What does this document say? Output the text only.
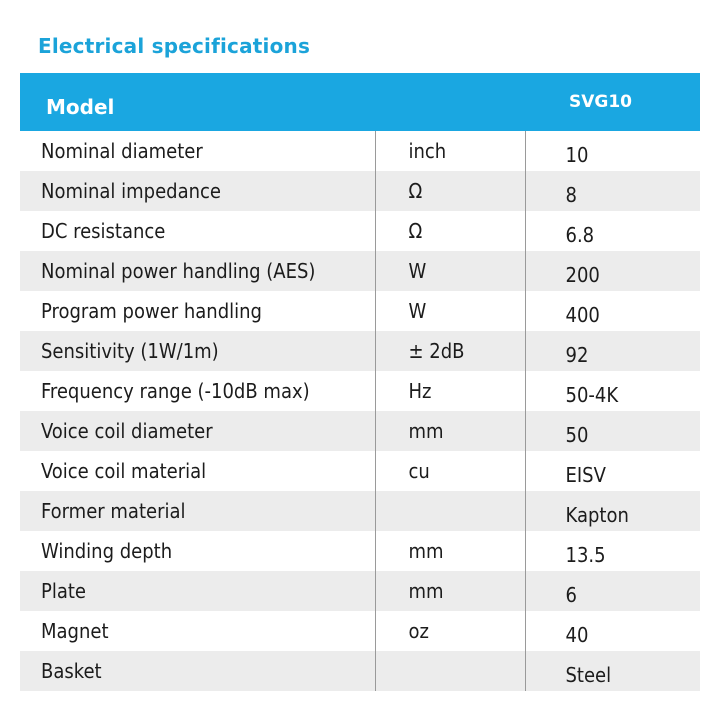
Electrical specifications
Model		SVG10
Nominal diameter	inch	10
Nominal impedance	Ω	8
DC resistance	Ω	6.8
Nominal power handling (AES)	W	200
Program power handling	W	400
Sensitivity (1W/1m)	± 2dB	92
Frequency range (-10dB max)	Hz	50-4K
Voice coil diameter	mm	50
Voice coil material	cu	EISV
Former material		Kapton
Winding depth	mm	13.5
Plate	mm	6
Magnet	oz	40
Basket		Steel
